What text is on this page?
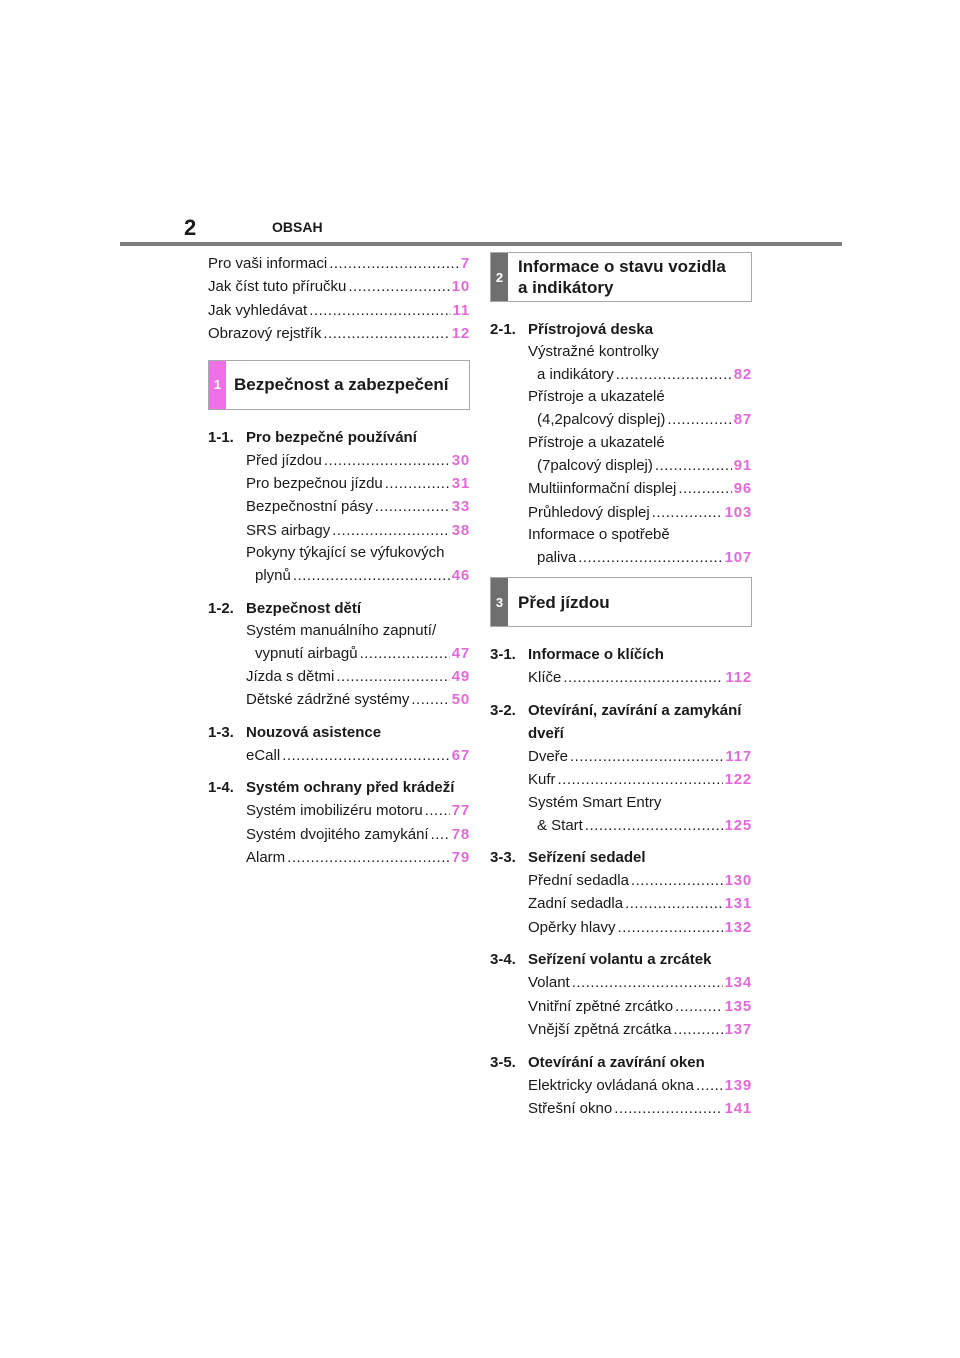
2	OBSAH
Pro vaši informaci .....	7
Jak číst tuto příručku .....	10
Jak vyhledávat .....	11
Obrazový rejstřík .....	12
1 Bezpečnost a zabezpečení
1-1. Pro bezpečné používání
Před jízdou .....	30
Pro bezpečnou jízdu .....	31
Bezpečnostní pásy .....	33
SRS airbagy .....	38
Pokyny týkající se výfukových
plynů .....	46
1-2. Bezpečnost dětí
Systém manuálního zapnutí/
vypnutí airbagů .....	47
Jízda s dětmi .....	49
Dětské zádržné systémy .....	50
1-3. Nouzová asistence
eCall .....	67
1-4. Systém ochrany před krádeží
Systém imobilizéru motoru ..... 77
Systém dvojitého zamykání ..... 78
Alarm .....	79
2
Informace o stavu vozidla
a indikátory
2-1. Přístrojová deska
Výstražné kontrolky
a indikátory .....	82
Přístroje a ukazatelé
(4,2palcový displej) .....	87
Přístroje a ukazatelé
(7palcový displej) .....	91
Multiinformační displej .....	96
Průhledový displej .....	103
Informace o spotřebě
paliva .....	107
3 Před jízdou
3-1. Informace o klíčích
Klíče .....	112
3-2. Otevírání, zavírání a zamykání dveří
Dveře .....	117
Kufr .....	122
Systém Smart Entry
& Start .....	125
3-3. Seřízení sedadel
Přední sedadla .....	130
Zadní sedadla .....	131
Opěrky hlavy .....	132
3-4. Seřízení volantu a zrcátek
Volant .....	134
Vnitřní zpětné zrcátko .....	135
Vnější zpětná zrcátka .....	137
3-5. Otevírání a zavírání oken
Elektricky ovládaná okna ..... 139
Střešní okno .....	141
